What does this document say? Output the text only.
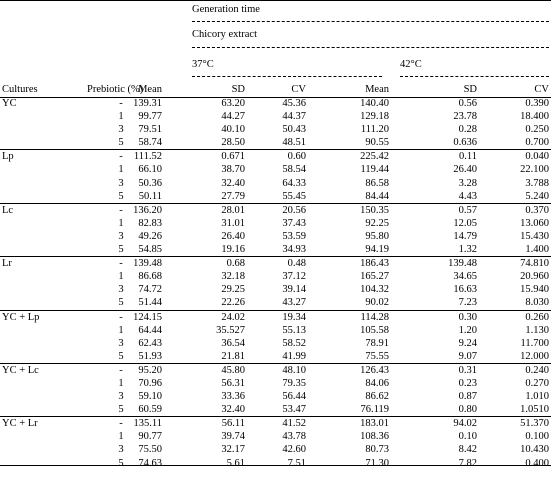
Generation time
Chicory extract
37°C	42°C
Cultures	Prebiotic (%)
Mean	SD	CV	Mean	SD	CV
YC	- 139.31	63.20	45.36	140.40	0.56	0.390
1 99.77	44.27	44.37	129.18	23.78	18.400
3 79.51	40.10	50.43	111.20	0.28	0.250
5 58.74	28.50	48.51	90.55	0.636	0.700
Lp	-	111.52	0.671	0.60	225.42	0.11	0.040
1 66.10	38.70	58.54	119.44	26.40	22.100
3 50.36	32.40	64.33	86.58	3.28	3.788
5 50.11	27.79	55.45	84.44	4.43	5.240
Lc	- 136.20	28.01	20.56	150.35	0.57	0.370
1 82.83	31.01	37.43	92.25	12.05	13.060
3 49.26	26.40	53.59	95.80	14.79	15.430
5 54.85	19.16	34.93	94.19	1.32	1.400
Lr	- 139.48	0.68	0.48	186.43	139.48	74.810
1 86.68	32.18	37.12	165.27	34.65	20.960
3 74.72	29.25	39.14	104.32	16.63	15.940
5 51.44	22.26	43.27	90.02	7.23	8.030
YC + Lp	- 124.15	24.02	19.34	114.28	0.30	0.260
1 64.44	35.527	55.13	105.58	1.20	1.130
3 62.43	36.54	58.52	78.91	9.24	11.700
5 51.93	21.81	41.99	75.55	9.07	12.000
YC + Lc	-	95.20	45.80	48.10	126.43	0.31	0.240
1 70.96	56.31	79.35	84.06	0.23	0.270
3 59.10	33.36	56.44	86.62	0.87	1.010
5 60.59	32.40	53.47	76.119	0.80	1.0510
YC + Lr	-	135.11	56.11	41.52	183.01	94.02	51.370
1 90.77	39.74	43.78	108.36	0.10	0.100
3 75.50	32.17	42.60	80.73	8.42	10.430
5 74.63	5.61	7.51	71.30	7.82	0.400
